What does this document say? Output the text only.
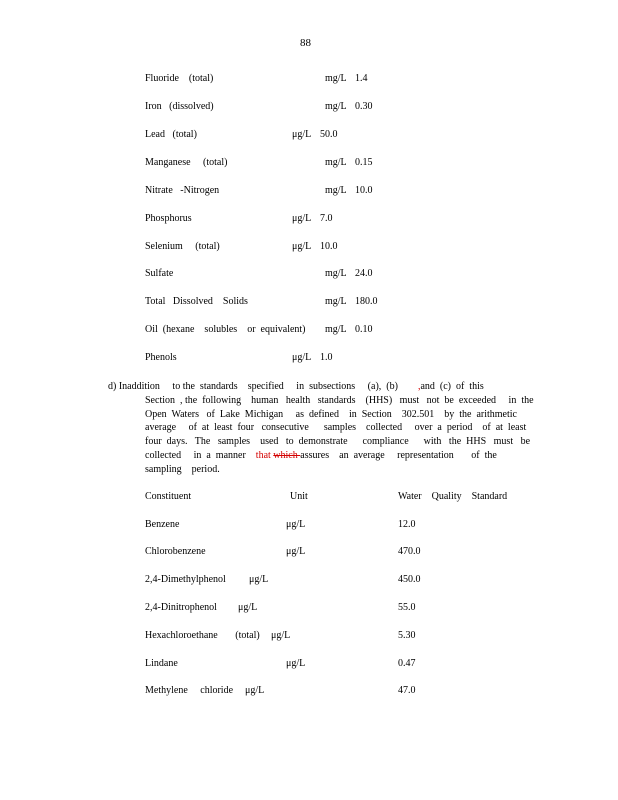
88
Fluoride    (total)	mg/L 1.4
Iron   (dissolved)	mg/L 0.30
Lead   (total)	μg/L 50.0
Manganese     (total)	mg/L 0.15
Nitrate   -Nitrogen	mg/L 10.0
Phosphorus	μg/L 7.0
Selenium     (total)	μg/L 10.0
Sulfate	mg/L 24.0
Total   Dissolved    Solids	mg/L 180.0
Oil  (hexane    solubles    or  equivalent) mg/L 0.10
Phenols	μg/L 1.0
d) Inaddition     to the  standards    specified     in  subsections     (a),  (b)        ,and  (c)  of  this
Section  , the  following    human   health   standards    (HHS)   must   not  be  exceeded     in  the
Open  Waters   of  Lake  Michigan     as  defined    in  Section    302.501    by  the  arithmetic
average     of  at  least  four   consecutive      samples    collected     over  a  period    of  at  least
four  days.   The   samples    used   to  demonstrate      compliance      with   the  HHS   must   be
collected     in  a  manner    that which assures    an  average     representation       of  the
sampling    period.
Constituent	Unit	Water    Quality    Standard
Benzene	μg/L	12.0
Chlorobenzene	μg/L	470.0
2,4-Dimethylphenol μg/L	450.0
2,4-Dinitrophenol μg/L	55.0
Hexachloroethane       (total) μg/L	5.30
Lindane	μg/L	0.47
Methylene     chloride μg/L	47.0
